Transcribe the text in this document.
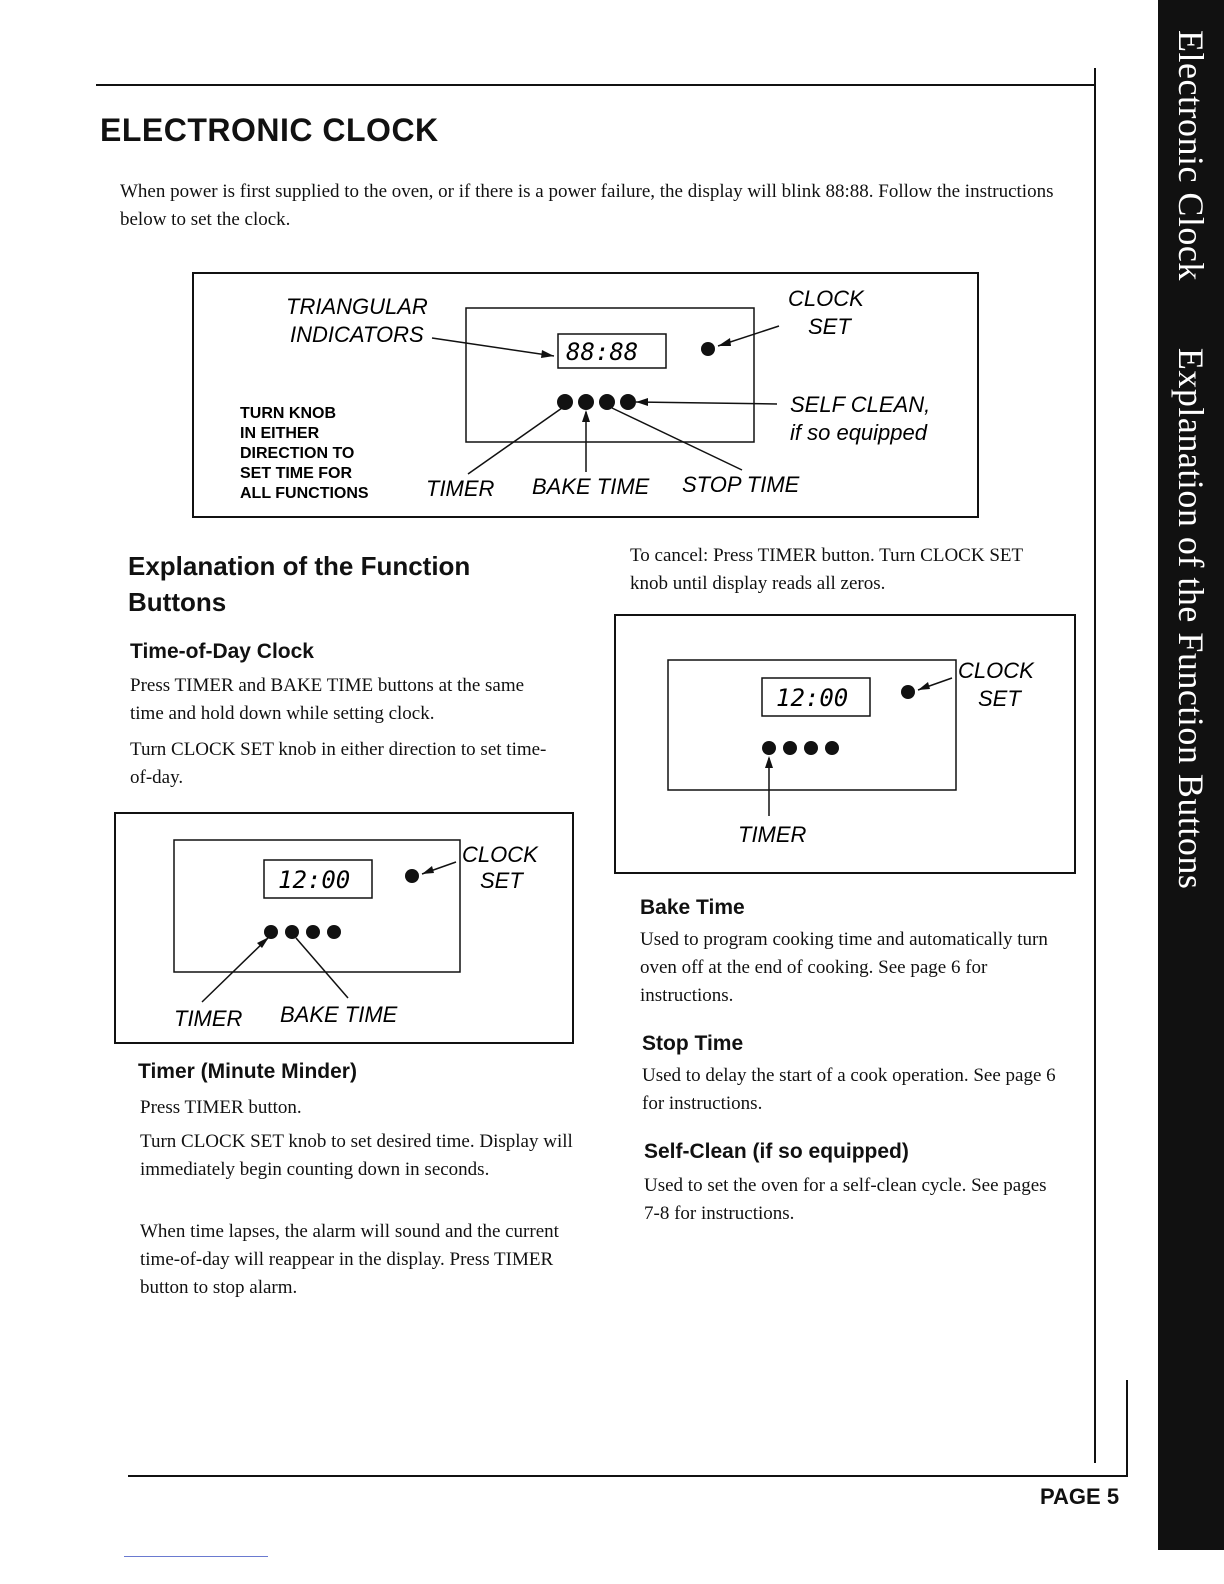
Electronic Clock  Explanation of the Function Buttons
ELECTRONIC CLOCK

When power is first supplied to the oven, or if there is a power failure, the display will blink 88:88. Follow the instructions below to set the clock.

88:88
TRIANGULAR
INDICATORS
CLOCK
SET
SELF CLEAN,
if so equipped
TURN KNOB
IN EITHER
DIRECTION TO
SET TIME FOR
ALL FUNCTIONS	TIMER BAKE TIME STOP TIME

Explanation of the Function

Buttons

Time-of-Day Clock

Press TIMER and BAKE TIME buttons at the same time and hold down while setting clock.

Turn CLOCK SET knob in either direction to set time-of-day.

12:00
CLOCK
SET
TIMER BAKE TIME

Timer (Minute Minder)

Press TIMER button.

Turn CLOCK SET knob to set desired time. Display will immediately begin counting down in seconds.

When time lapses, the alarm will sound and the current time-of-day will reappear in the display. Press TIMER button to stop alarm.

To cancel: Press TIMER button. Turn CLOCK SET knob until display reads all zeros.

12:00
CLOCK
SET
TIMER

Bake Time

Used to program cooking time and automatically turn oven off at the end of cooking. See page 6 for instructions.

Stop Time

Used to delay the start of a cook operation. See page 6 for instructions.

Self-Clean (if so equipped)

Used to set the oven for a self-clean cycle. See pages 7-8 for instructions.

PAGE 5
